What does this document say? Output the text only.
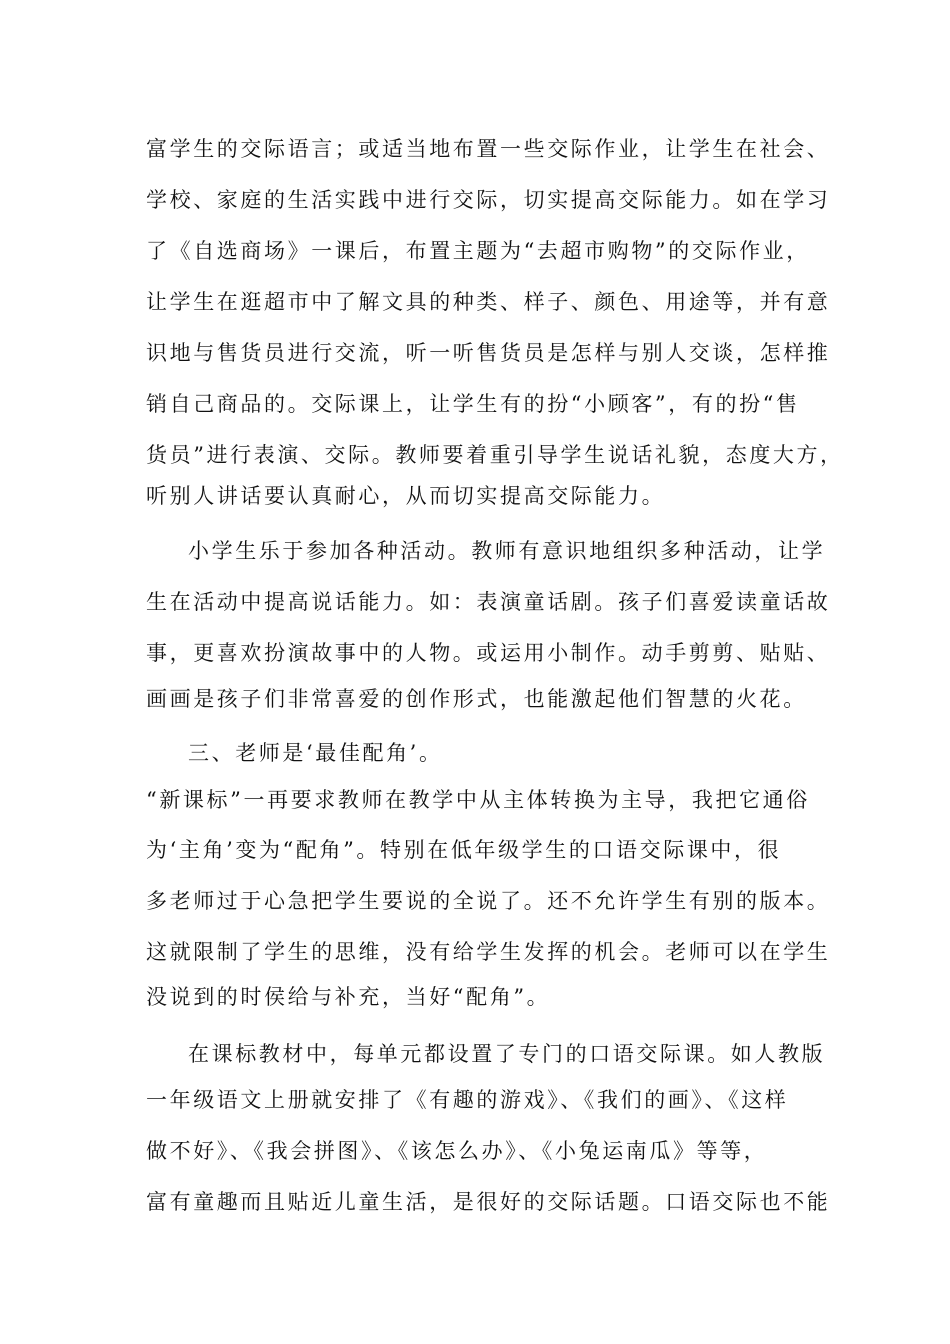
富学生的交际语言；或适当地布置一些交际作业，让学生在社会、
学校、家庭的生活实践中进行交际，切实提高交际能力。如在学习
了《自选商场》一课后，布置主题为“去超市购物”的交际作业，
让学生在逛超市中了解文具的种类、样子、颜色、用途等，并有意
识地与售货员进行交流，听一听售货员是怎样与别人交谈，怎样推
销自己商品的。交际课上，让学生有的扮“小顾客”，有的扮“售
货员”进行表演、交际。教师要着重引导学生说话礼貌，态度大方，
听别人讲话要认真耐心，从而切实提高交际能力。
小学生乐于参加各种活动。教师有意识地组织多种活动，让学
生在活动中提高说话能力。如：表演童话剧。孩子们喜爱读童话故
事，更喜欢扮演故事中的人物。或运用小制作。动手剪剪、贴贴、
画画是孩子们非常喜爱的创作形式，也能激起他们智慧的火花。
三、老师是‘最佳配角’。
“新课标”一再要求教师在教学中从主体转换为主导，我把它通俗
为‘主角’变为“配角”。特别在低年级学生的口语交际课中，很
多老师过于心急把学生要说的全说了。还不允许学生有别的版本。
这就限制了学生的思维，没有给学生发挥的机会。老师可以在学生
没说到的时侯给与补充，当好“配角”。
在课标教材中，每单元都设置了专门的口语交际课。如人教版
一年级语文上册就安排了《有趣的游戏》、《我们的画》、《这样
做不好》、《我会拼图》、《该怎么办》、《小兔运南瓜》等等，
富有童趣而且贴近儿童生活，是很好的交际话题。口语交际也不能
